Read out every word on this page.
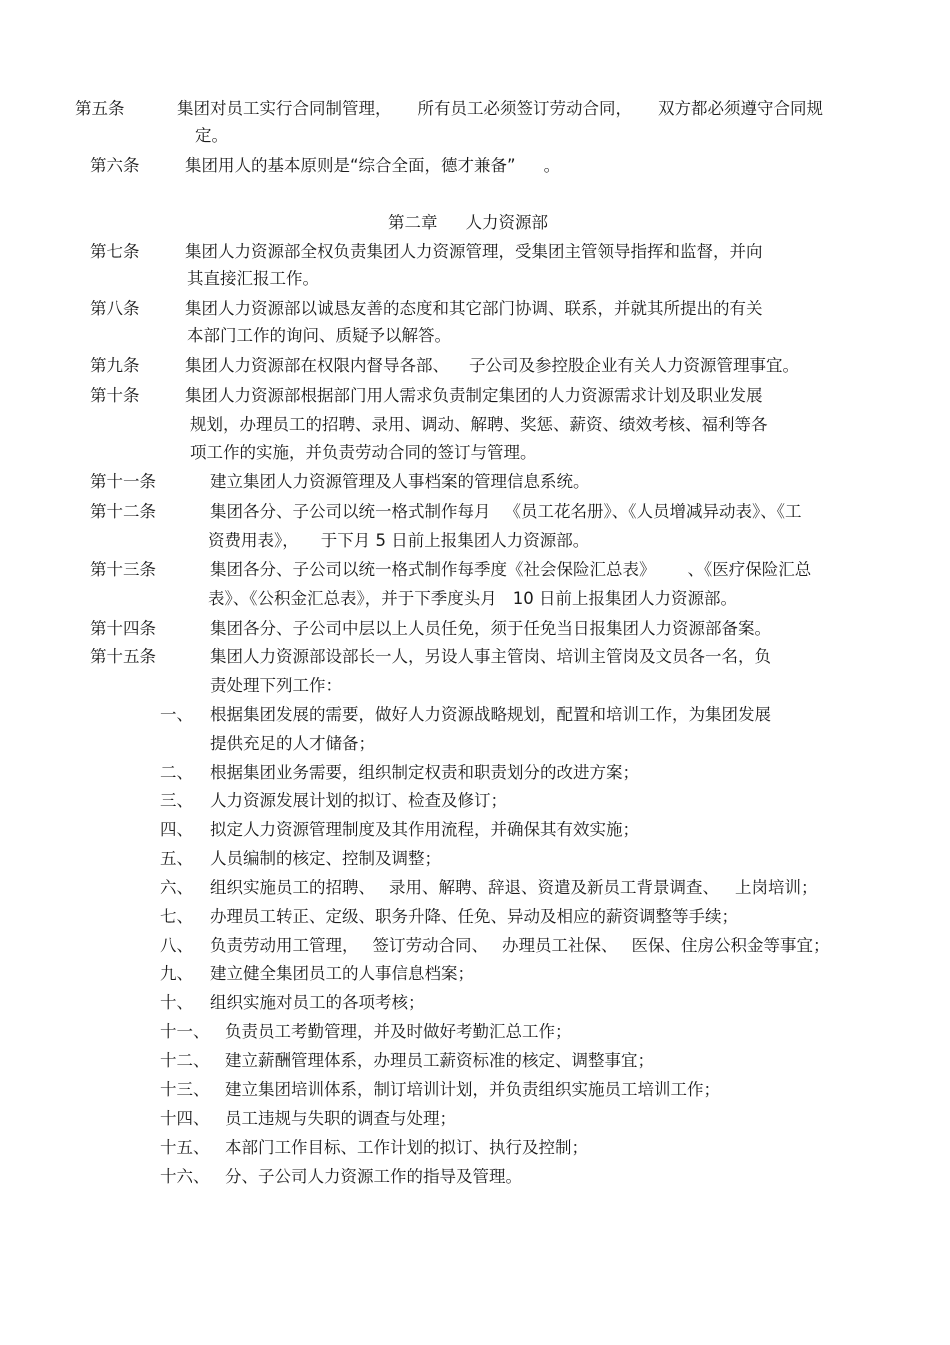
第五条	集团对员工实行合同制管理， 所有员工必须签订劳动合同， 双方都必须遵守合同规
定。
第六条	集团用人的基本原则是“综合全面，德才兼备” 。
第二章 人力资源部
第七条	集团人力资源部全权负责集团人力资源管理，受集团主管领导指挥和监督，并向
其直接汇报工作。
第八条	集团人力资源部以诚恳友善的态度和其它部门协调、联系，并就其所提出的有关
本部门工作的询问、质疑予以解答。
第九条	集团人力资源部在权限内督导各部、 子公司及参控股企业有关人力资源管理事宜。
第十条	集团人力资源部根据部门用人需求负责制定集团的人力资源需求计划及职业发展
规划，办理员工的招聘、录用、调动、解聘、奖惩、薪资、绩效考核、福利等各
项工作的实施，并负责劳动合同的签订与管理。
第十一条	建立集团人力资源管理及人事档案的管理信息系统。
第十二条	集团各分、子公司以统一格式制作每月 《员工花名册》、《人员增减异动表》、《工
资费用表》， 于下月 5 日前上报集团人力资源部。
第十三条	集团各分、子公司以统一格式制作每季度《社会保险汇总表》 、《医疗保险汇总
表》、《公积金汇总表》，并于下季度头月 10 日前上报集团人力资源部。
第十四条	集团各分、子公司中层以上人员任免，须于任免当日报集团人力资源部备案。
第十五条	集团人力资源部设部长一人，另设人事主管岗、培训主管岗及文员各一名，负
责处理下列工作：
一、 根据集团发展的需要，做好人力资源战略规划，配置和培训工作，为集团发展
提供充足的人才储备；
二、 根据集团业务需要，组织制定权责和职责划分的改进方案；
三、 人力资源发展计划的拟订、检查及修订；
四、 拟定人力资源管理制度及其作用流程，并确保其有效实施；
五、 人员编制的核定、控制及调整；
六、 组织实施员工的招聘、 录用、解聘、辞退、资遣及新员工背景调查、 上岗培训；
七、 办理员工转正、定级、职务升降、任免、异动及相应的薪资调整等手续；
八、 负责劳动用工管理， 签订劳动合同、 办理员工社保、 医保、住房公积金等事宜；
九、 建立健全集团员工的人事信息档案；
十、 组织实施对员工的各项考核；
十一、 负责员工考勤管理，并及时做好考勤汇总工作；
十二、 建立薪酬管理体系，办理员工薪资标准的核定、调整事宜；
十三、 建立集团培训体系，制订培训计划，并负责组织实施员工培训工作；
十四、 员工违规与失职的调查与处理；
十五、 本部门工作目标、工作计划的拟订、执行及控制；
十六、 分、子公司人力资源工作的指导及管理。
